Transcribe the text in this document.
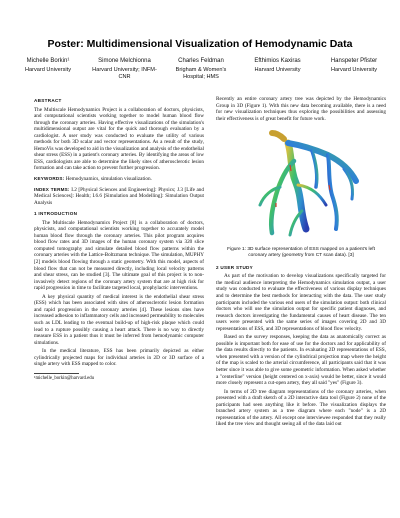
Poster: Multidimensional Visualization of Hemodynamic Data
Michelle Borkin¹
Harvard University
Simone Melchionna
Harvard University; INFM-CNR
Charles Feldman
Brigham & Women's Hospital; HMS
Efthimios Kaxiras
Harvard University
Hanspeter Pfister
Harvard University
ABSTRACT

The Multiscale Hemodynamics Project is a collaboration of doctors, physicists, and computational scientists working together to model human blood flow through the coronary arteries. Having effective visualizations of the simulation's multidimensional output are vital for the quick and thorough evaluation by a cardiologist. A user study was conducted to evaluate the utility of various methods for both 3D scalar and vector representations. As a result of the study, HemoVis was developed to aid in the visualization and analysis of the endothelial shear stress (ESS) in a patient's coronary arteries. By identifying the areas of low ESS, cardiologists are able to determine the likely sites of atherosclerotic lesion formation and can take action to prevent further progression.

KEYWORDS: Hemodynamics, simulation visualization.

INDEX TERMS: I.2 [Physical Sciences and Engineering]: Physics; J.3 [Life and Medical Sciences]: Health; I.6.6 [Simulation and Modelling]: Simulation Output Analysis

1 INTRODUCTION

The Multiscale Hemodynamics Project [8] is a collaboration of doctors, physicists, and computational scientists working together to accurately model human blood flow through the coronary arteries. This pilot program acquires blood flow rates and 3D images of the human coronary system via 320 slice computed tomography and simulate detailed blood flow patterns within the coronary arteries with the Lattice-Boltzmann technique. The simulation, MUPHY [2] models blood flowing through a static geometry. With this model, aspects of blood flow that can not be measured directly, including local velocity patterns and shear stress, can be studied [3]. The ultimate goal of this project is to non-invasively detect regions of the coronary artery system that are at high risk for rapid progression in time to facilitate targeted local, prophylactic interventions.

A key physical quantity of medical interest is the endothelial shear stress (ESS) which has been associated with sites of atherosclerotic lesion formation and rapid progression in the coronary arteries [4]. These lesions sites have increased adhesion to inflammatory cells and increased permeability to molecules such as LDL leading to the eventual build-up of high-risk plaque which could lead to a rupture possibly causing a heart attack. There is no way to directly measure ESS in a patient thus it must be inferred from hemodynamic computer simulations.

In the medical literature, ESS has been primarily depicted as either cylindrically projected maps for individual arteries in 2D or 3D surface of a single artery with ESS mapped to color.

¹michelle_borkin@harvard.edu

Recently an entire coronary artery tree was depicted by the Hemodynamics Group in 3D (Figure 1). With this new data becoming available, there is a need for new visualization techniques thus exploring the possibilities and assessing their effectiveness is of great benefit for future work.

Figure 1: 3D surface representation of ESS mapped on a patient's left coronary artery (geometry from CT scan data). [3]
2 USER STUDY

As part of the motivation to develop visualizations specifically targeted for the medical audience interpreting the Hemodynamics simulation output, a user study was conducted to evaluate the effectiveness of various display techniques and to determine the best methods for interacting with the data. The user study participants included the various end users of the simulation output: both clinical doctors who will use the simulation output for specific patient diagnoses, and research doctors investigating the fundamental causes of heart disease. The ten users were presented with the same series of images covering 2D and 3D representations of ESS, and 3D representations of blood flow velocity.

Based on the survey responses, keeping the data as anatomically correct as possible is important both for ease of use for the doctors and for applicability of the data results directly to the patients. In evaluating 2D representations of ESS, when presented with a version of the cylindrical projection map where the height of the map is scaled to the arterial circumference, all participants said that it was better since it was able to give some geometric information. When asked whether a "centerline" version (height centered on x-axis) would be better, since it would more closely represent a cut-open artery, they all said "yes" (Figure 3).

In terms of 2D tree diagram representations of the coronary arteries, when presented with a draft sketch of a 2D interactive data tool (Figure 2) none of the participants had seen anything like it before. The visualization displays the branched artery system as a tree diagram where each "node" is a 2D representation of the artery. All except one interviewee responded that they really liked the tree view and thought seeing all of the data laid out
